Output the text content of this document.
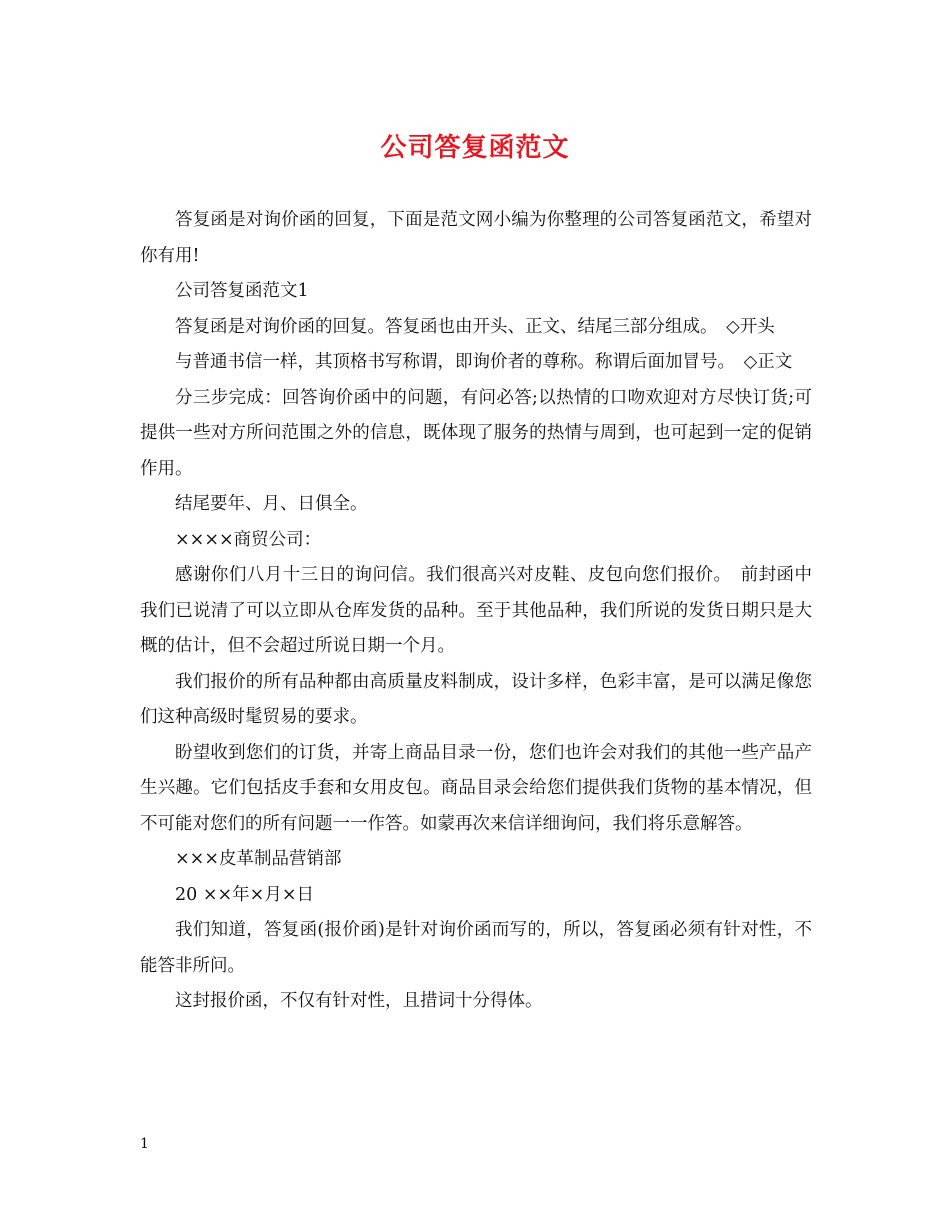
公司答复函范文

答复函是对询价函的回复，下面是范文网小编为你整理的公司答复函范文，希望对你有用!

公司答复函范文1

答复函是对询价函的回复。答复函也由开头、正文、结尾三部分组成。　◇开头

与普通书信一样，其顶格书写称谓，即询价者的尊称。称谓后面加冒号。　◇正文

分三步完成：回答询价函中的问题，有问必答;以热情的口吻欢迎对方尽快订货;可提供一些对方所问范围之外的信息，既体现了服务的热情与周到，也可起到一定的促销作用。

结尾要年、月、日俱全。

××××商贸公司：

感谢你们八月十三日的询问信。我们很高兴对皮鞋、皮包向您们报价。　前封函中我们已说清了可以立即从仓库发货的品种。至于其他品种，我们所说的发货日期只是大概的估计，但不会超过所说日期一个月。

我们报价的所有品种都由高质量皮料制成，设计多样，色彩丰富，是可以满足像您们这种高级时髦贸易的要求。

盼望收到您们的订货，并寄上商品目录一份，您们也许会对我们的其他一些产品产生兴趣。它们包括皮手套和女用皮包。商品目录会给您们提供我们货物的基本情况，但不可能对您们的所有问题一一作答。如蒙再次来信详细询问，我们将乐意解答。

×××皮革制品营销部

20 ××年×月×日

我们知道，答复函(报价函)是针对询价函而写的，所以，答复函必须有针对性，不能答非所问。

这封报价函，不仅有针对性，且措词十分得体。

1
